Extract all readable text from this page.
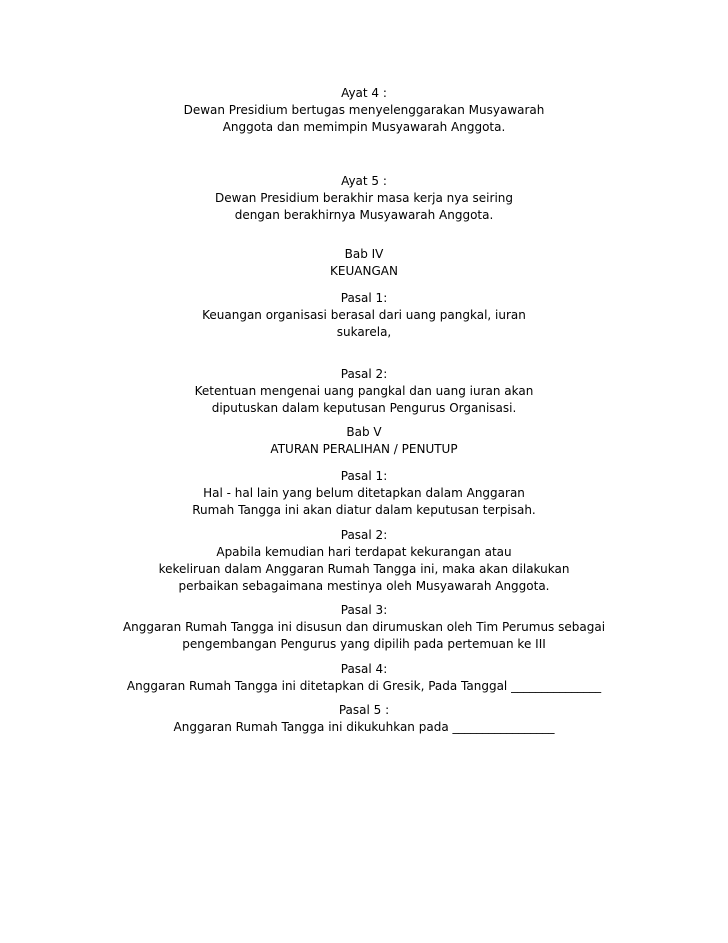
Ayat 4 :
Dewan Presidium bertugas menyelenggarakan Musyawarah
Anggota dan memimpin Musyawarah Anggota.
Ayat 5 :
Dewan Presidium berakhir masa kerja nya seiring
dengan berakhirnya Musyawarah Anggota.
Bab IV
KEUANGAN
Pasal 1:
Keuangan organisasi berasal dari uang pangkal, iuran
sukarela,
Pasal 2:
Ketentuan mengenai uang pangkal dan uang iuran akan
diputuskan dalam keputusan Pengurus Organisasi.
Bab V
ATURAN PERALIHAN / PENUTUP
Pasal 1:
Hal - hal lain yang belum ditetapkan dalam Anggaran
Rumah Tangga ini akan diatur dalam keputusan terpisah.
Pasal 2:
Apabila kemudian hari terdapat kekurangan atau
kekeliruan dalam Anggaran Rumah Tangga ini, maka akan dilakukan
perbaikan sebagaimana mestinya oleh Musyawarah Anggota.
Pasal 3:
Anggaran Rumah Tangga ini disusun dan dirumuskan oleh Tim Perumus sebagai
pengembangan Pengurus yang dipilih pada pertemuan ke III
Pasal 4:
Anggaran Rumah Tangga ini ditetapkan di Gresik, Pada Tanggal _______________
Pasal 5 :
Anggaran Rumah Tangga ini dikukuhkan pada _________________
